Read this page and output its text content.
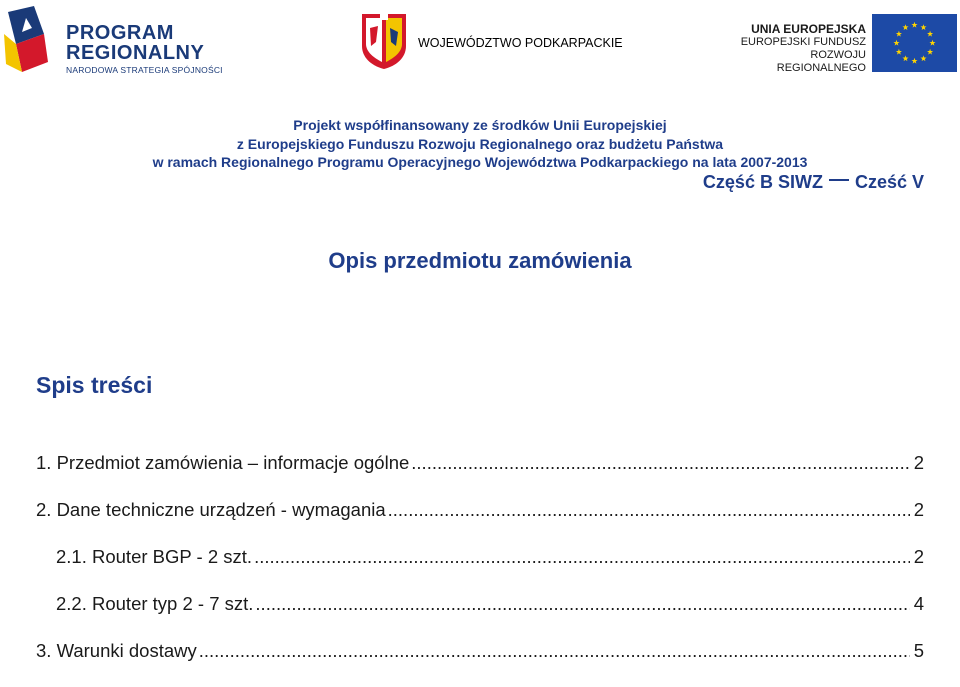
PROGRAM
REGIONALNY
NARODOWA STRATEGIA SPÓJNOŚCI
WOJEWÓDZTWO PODKARPACKIE
UNIA EUROPEJSKA
EUROPEJSKI FUNDUSZ
ROZWOJU REGIONALNEGO
Projekt współfinansowany ze środków Unii Europejskiej
z Europejskiego Funduszu Rozwoju Regionalnego oraz budżetu Państwa
w ramach Regionalnego Programu Operacyjnego Województwa Podkarpackiego na lata 2007-2013
Część B SIWZ Cześć V
Opis przedmiotu zamówienia
Spis treści
1. Przedmiot zamówienia – informacje ogólne .....	2
2. Dane techniczne urządzeń - wymagania .....	2
2.1. Router BGP - 2 szt. .....	2
2.2. Router typ 2 - 7 szt. .....	4
3. Warunki dostawy .....	5
